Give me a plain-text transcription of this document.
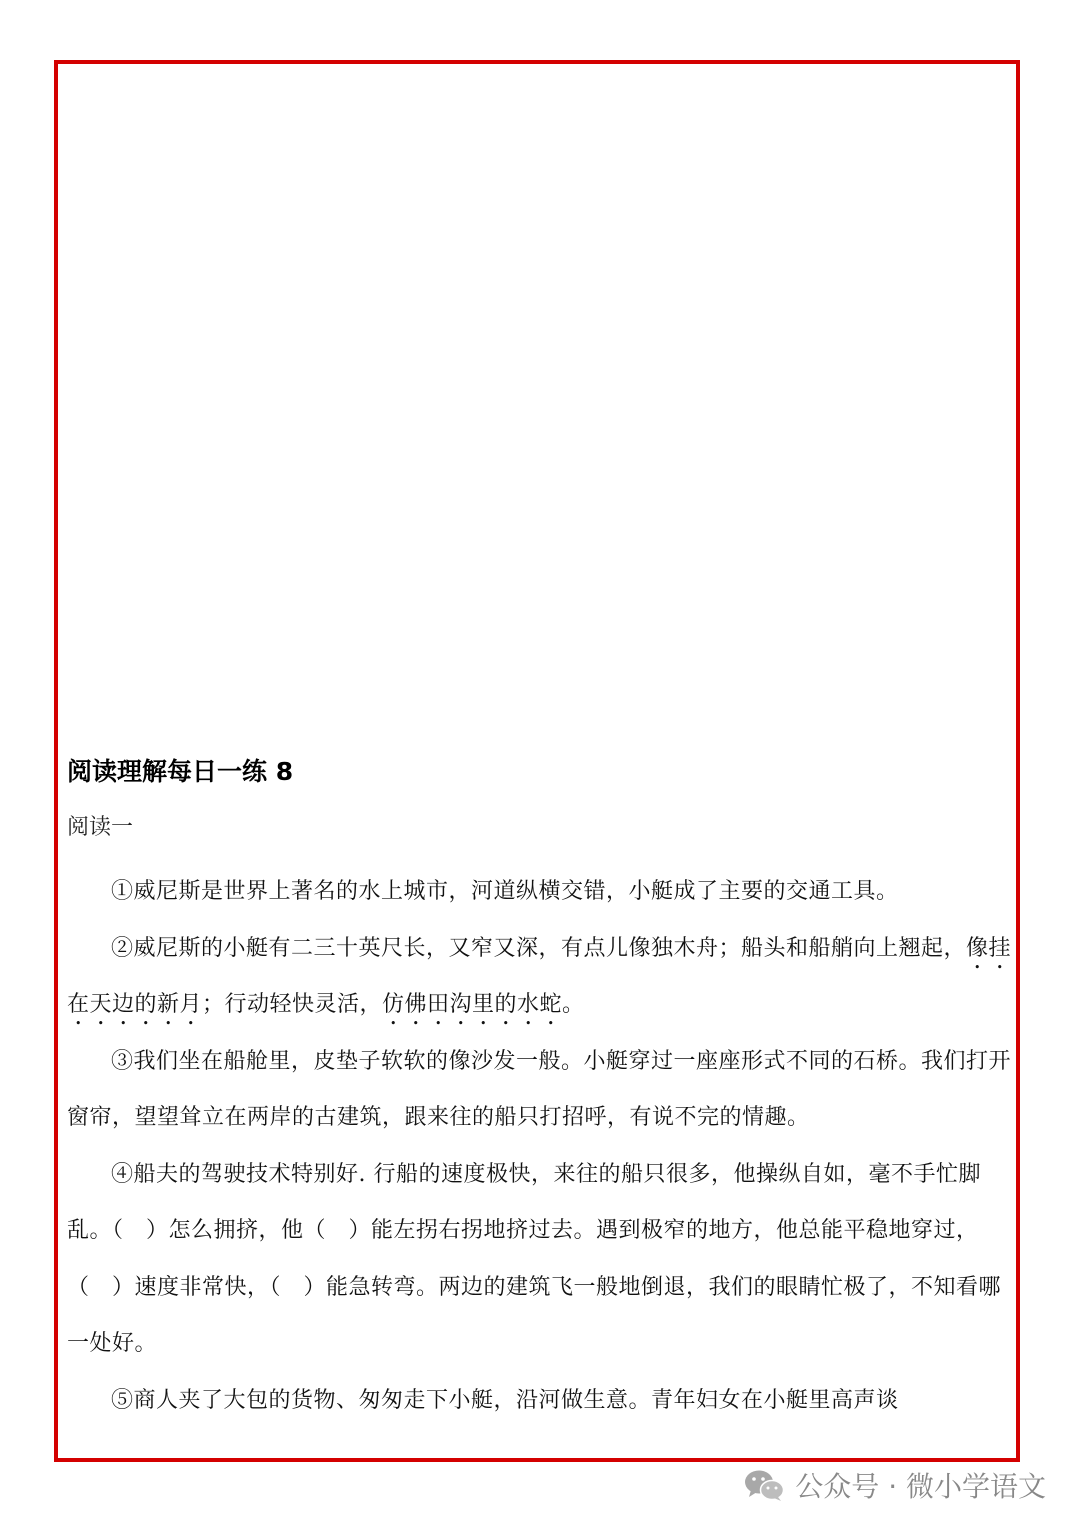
阅读理解每日一练 8
阅读一

①威尼斯是世界上著名的水上城市，河道纵横交错，小艇成了主要的交通工具。

②威尼斯的小艇有二三十英尺长，又窄又深，有点儿像独木舟；船头和船艄向上翘起，像挂在天边的新月；行动轻快灵活，仿佛田沟里的水蛇。

③我们坐在船舱里，皮垫子软软的像沙发一般。小艇穿过一座座形式不同的石桥。我们打开窗帘，望望耸立在两岸的古建筑，跟来往的船只打招呼，有说不完的情趣。

④船夫的驾驶技术特别好. 行船的速度极快，来往的船只很多，他操纵自如，毫不手忙脚乱。（　）怎么拥挤，他（　）能左拐右拐地挤过去。遇到极窄的地方，他总能平稳地穿过，（　）速度非常快，（　）能急转弯。两边的建筑飞一般地倒退，我们的眼睛忙极了，不知看哪一处好。

⑤商人夹了大包的货物、匆匆走下小艇，沿河做生意。青年妇女在小艇里高声谈

公众号 · 微小学语文
